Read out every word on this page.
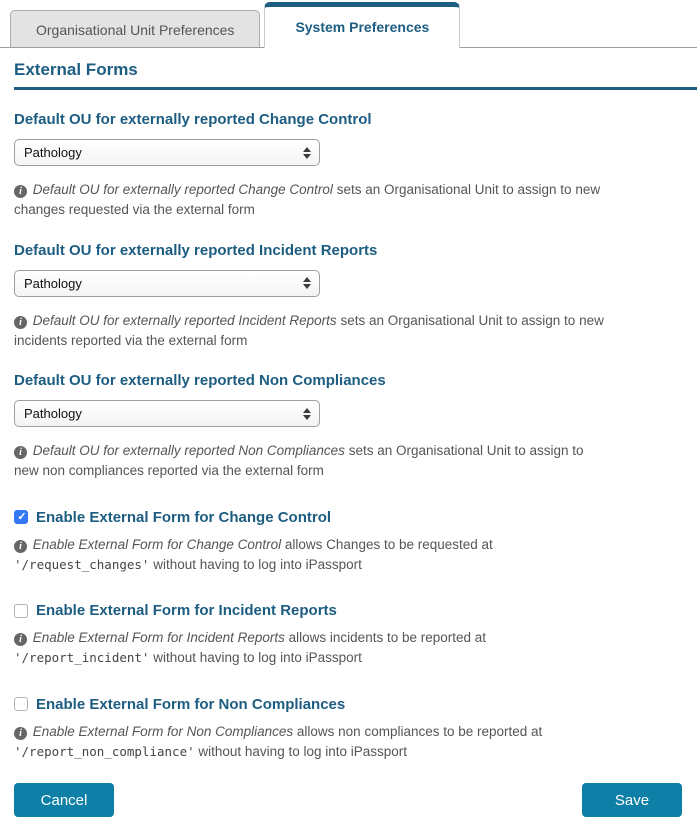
Organisational Unit Preferences	System Preferences
External Forms
Default OU for externally reported Change Control
Pathology

i Default OU for externally reported Change Control sets an Organisational Unit to assign to new changes requested via the external form

Default OU for externally reported Incident Reports
Pathology

i Default OU for externally reported Incident Reports sets an Organisational Unit to assign to new incidents reported via the external form

Default OU for externally reported Non Compliances
Pathology

i Default OU for externally reported Non Compliances sets an Organisational Unit to assign to new non compliances reported via the external form

✓
Enable External Form for Change Control

i Enable External Form for Change Control allows Changes to be requested at '/request_changes' without having to log into iPassport

Enable External Form for Incident Reports

i Enable External Form for Incident Reports allows incidents to be reported at '/report_incident' without having to log into iPassport

Enable External Form for Non Compliances

i Enable External Form for Non Compliances allows non compliances to be reported at '/report_non_compliance' without having to log into iPassport

Cancel	Save
